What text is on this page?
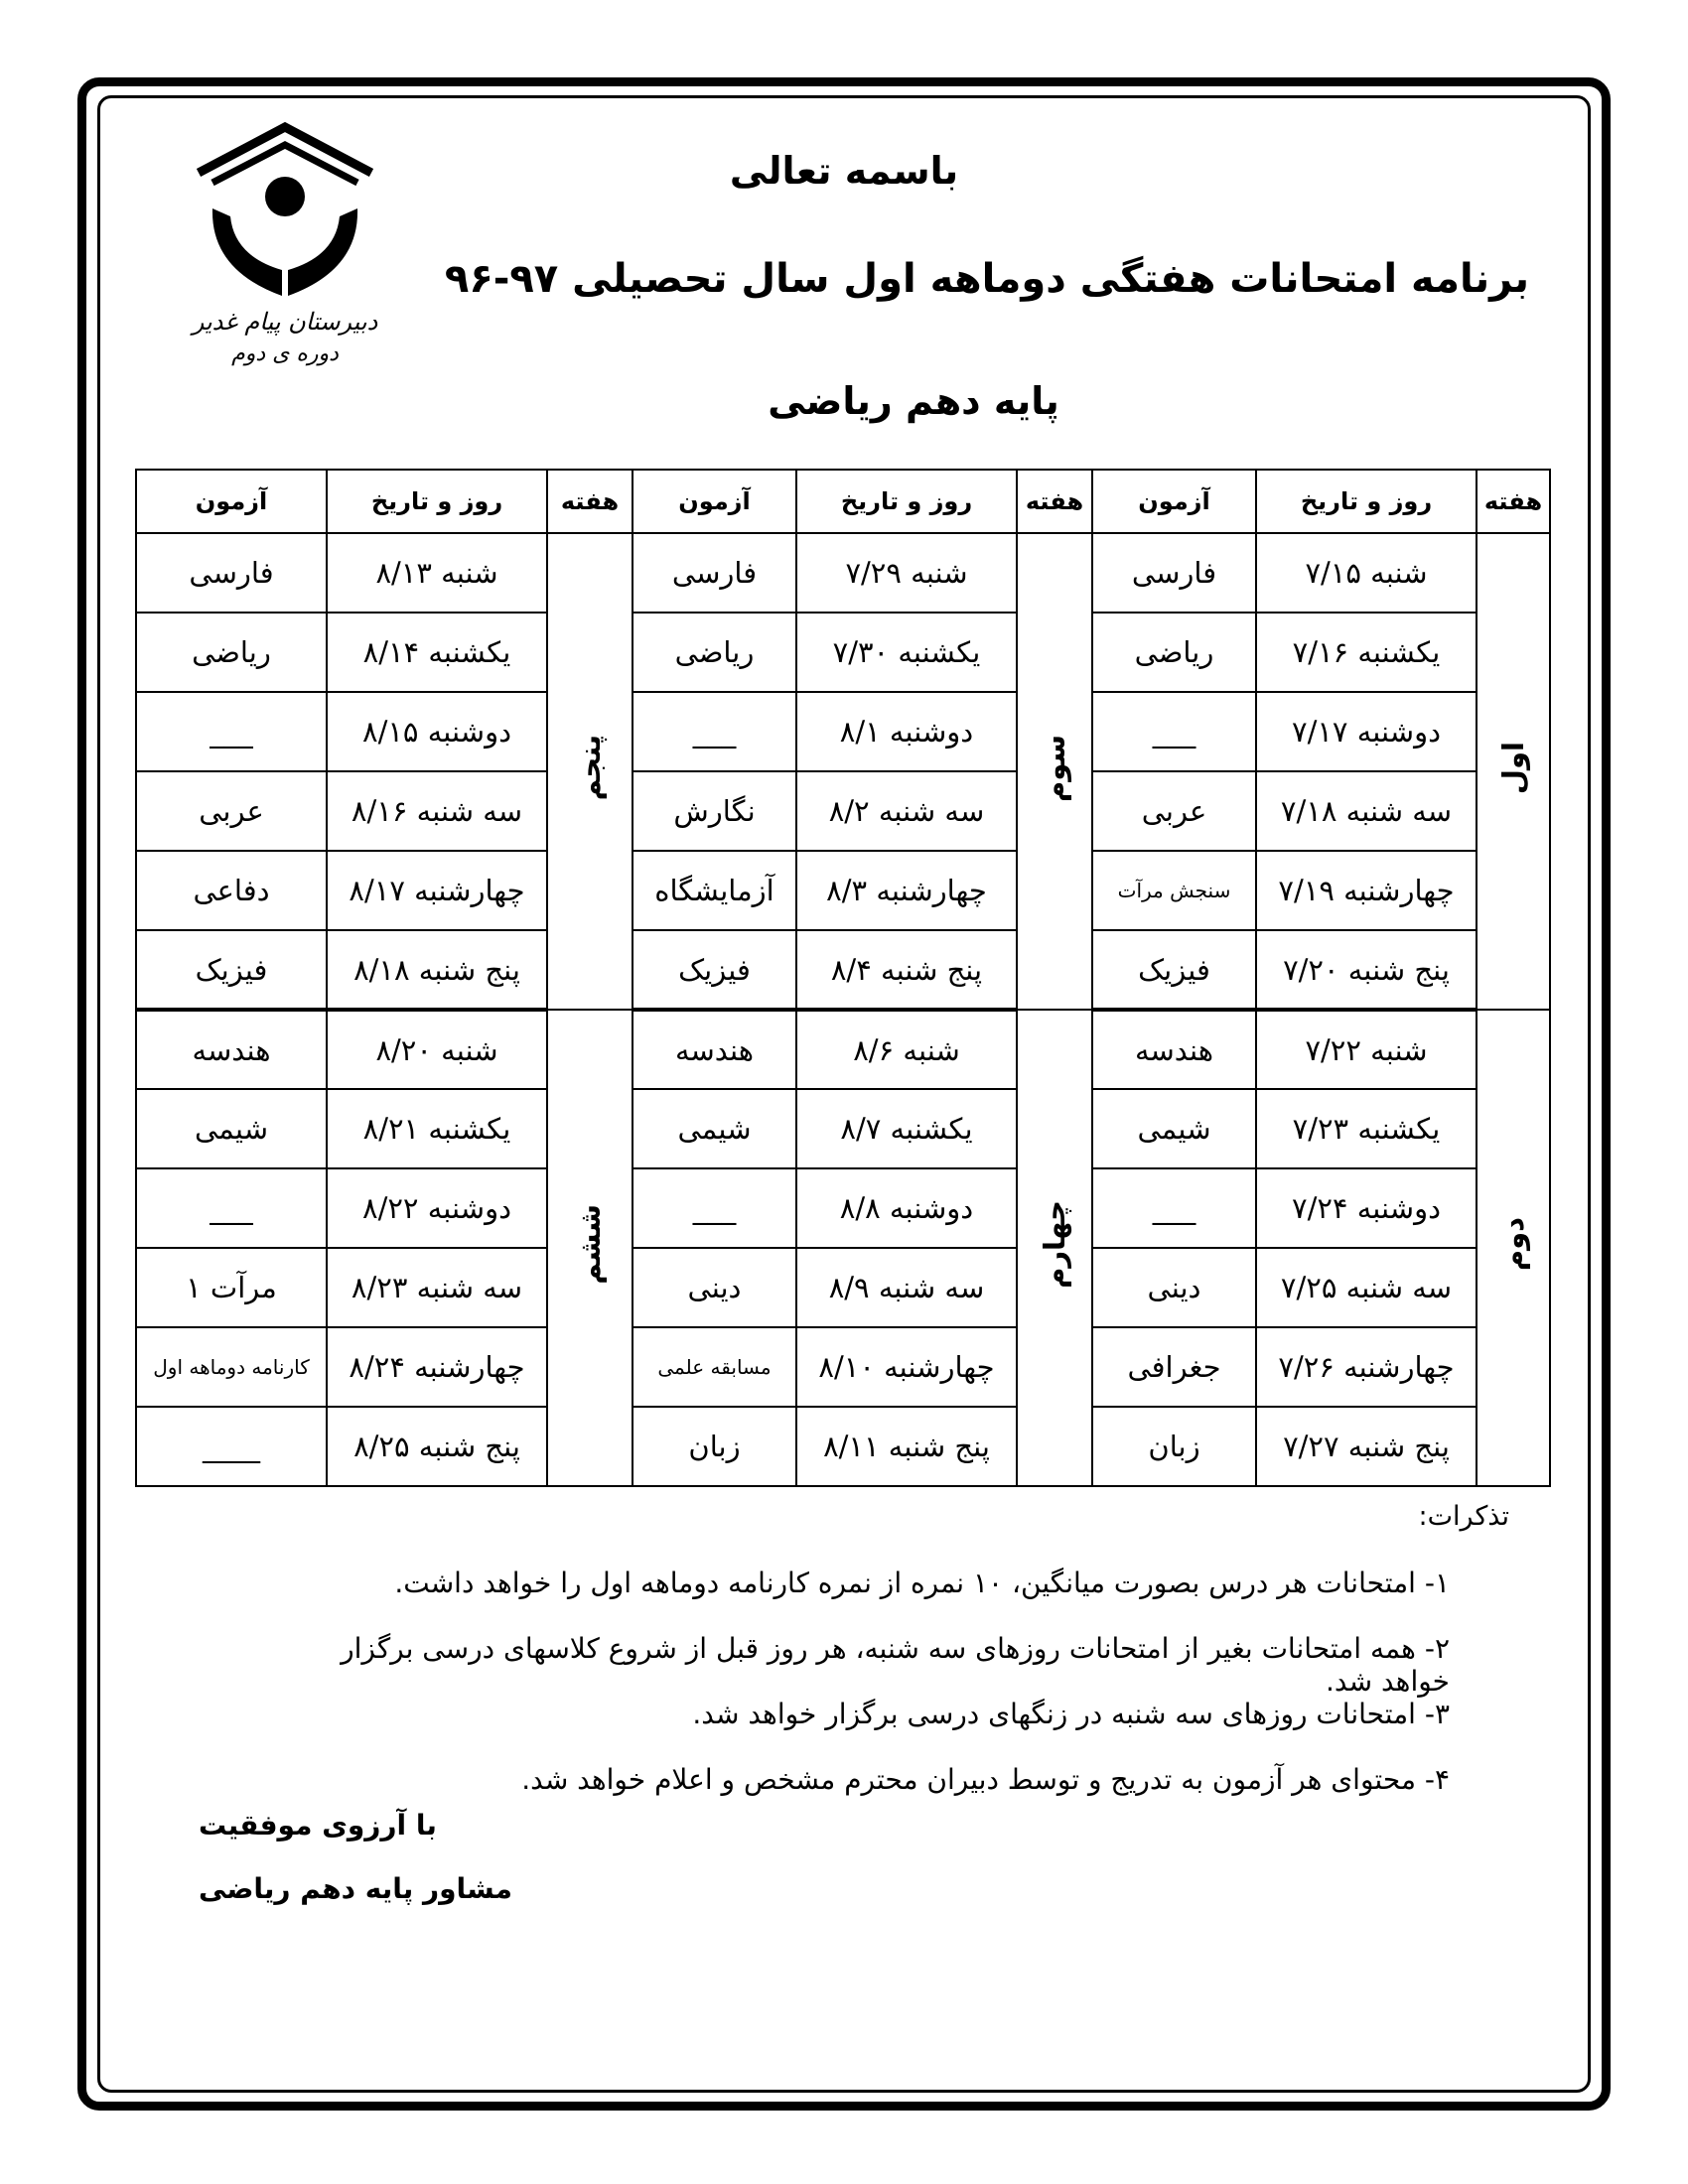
دبیرستان پیام غدیر
دوره ی دوم
باسمه تعالی
برنامه امتحانات هفتگی دوماهه اول سال تحصیلی ۹۷-۹۶
پایه دهم ریاضی
هفته	روز و تاریخ	آزمون	هفته	روز و تاریخ	آزمون	هفته	روز و تاریخ	آزمون
اول	شنبه ۷/۱۵	فارسی	سوم	شنبه ۷/۲۹	فارسی	پنجم	شنبه ۸/۱۳	فارسی
	یکشنبه ۷/۱۶	ریاضی		یکشنبه ۷/۳۰	ریاضی		یکشنبه ۸/۱۴	ریاضی
	دوشنبه ۷/۱۷	___		دوشنبه ۸/۱	___		دوشنبه ۸/۱۵	___
	سه شنبه ۷/۱۸	عربی		سه شنبه ۸/۲	نگارش		سه شنبه ۸/۱۶	عربی
	چهارشنبه ۷/۱۹	سنجش مرآت		چهارشنبه ۸/۳	آزمایشگاه		چهارشنبه ۸/۱۷	دفاعی
	پنج شنبه ۷/۲۰	فیزیک		پنج شنبه ۸/۴	فیزیک		پنج شنبه ۸/۱۸	فیزیک
دوم	شنبه ۷/۲۲	هندسه	چهارم	شنبه ۸/۶	هندسه	ششم	شنبه ۸/۲۰	هندسه
	یکشنبه ۷/۲۳	شیمی		یکشنبه ۸/۷	شیمی		یکشنبه ۸/۲۱	شیمی
	دوشنبه ۷/۲۴	___		دوشنبه ۸/۸	___		دوشنبه ۸/۲۲	___
	سه شنبه ۷/۲۵	دینی		سه شنبه ۸/۹	دینی		سه شنبه ۸/۲۳	مرآت ۱
	چهارشنبه ۷/۲۶	جغرافی		چهارشنبه ۸/۱۰	مسابقه علمی		چهارشنبه ۸/۲۴	کارنامه دوماهه اول
	پنج شنبه ۷/۲۷	زبان		پنج شنبه ۸/۱۱	زبان		پنج شنبه ۸/۲۵	____
تذکرات:
۱- امتحانات هر درس بصورت میانگین، ۱۰ نمره از نمره کارنامه دوماهه اول را خواهد داشت.
۲- همه امتحانات بغیر از امتحانات روزهای سه شنبه، هر روز قبل از شروع کلاسهای درسی برگزار خواهد شد.
۳- امتحانات روزهای سه شنبه در زنگهای درسی برگزار خواهد شد.
۴- محتوای هر آزمون به تدریج و توسط دبیران محترم مشخص و اعلام خواهد شد.
با آرزوی موفقیت
مشاور پایه دهم ریاضی
